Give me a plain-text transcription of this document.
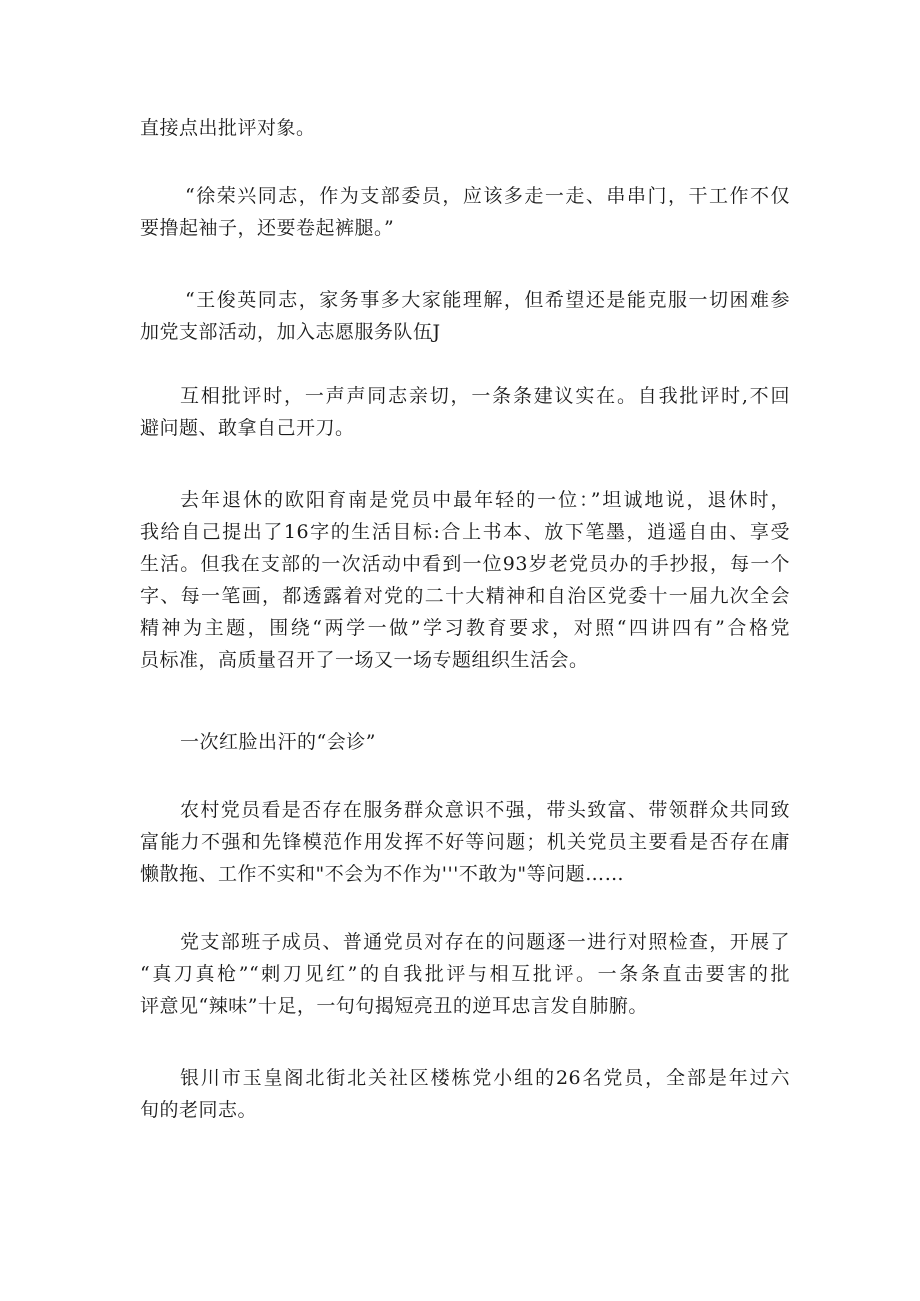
直接点出批评对象。

“徐荣兴同志，作为支部委员，应该多走一走、串串门，干工作不仅
要撸起袖子，还要卷起裤腿。”

“王俊英同志，家务事多大家能理解，但希望还是能克服一切困难参
加党支部活动，加入志愿服务队伍J

互相批评时，一声声同志亲切，一条条建议实在。自我批评时,不回
避问题、敢拿自己开刀。

去年退休的欧阳育南是党员中最年轻的一位：”坦诚地说，退休时，
我给自己提出了16字的生活目标:合上书本、放下笔墨，逍遥自由、享受
生活。但我在支部的一次活动中看到一位93岁老党员办的手抄报，每一个
字、每一笔画，都透露着对党的二十大精神和自治区党委十一届九次全会
精神为主题，围绕“两学一做”学习教育要求，对照“四讲四有”合格党
员标准，高质量召开了一场又一场专题组织生活会。

一次红脸出汗的“会诊”

农村党员看是否存在服务群众意识不强，带头致富、带领群众共同致
富能力不强和先锋模范作用发挥不好等问题；机关党员主要看是否存在庸
懒散拖、工作不实和"不会为不作为'''不敢为"等问题……

党支部班子成员、普通党员对存在的问题逐一进行对照检查，开展了
“真刀真枪”“剌刀见红”的自我批评与相互批评。一条条直击要害的批
评意见“辣味”十足，一句句揭短亮丑的逆耳忠言发自肺腑。

银川市玉皇阁北街北关社区楼栋党小组的26名党员，全部是年过六
旬的老同志。
